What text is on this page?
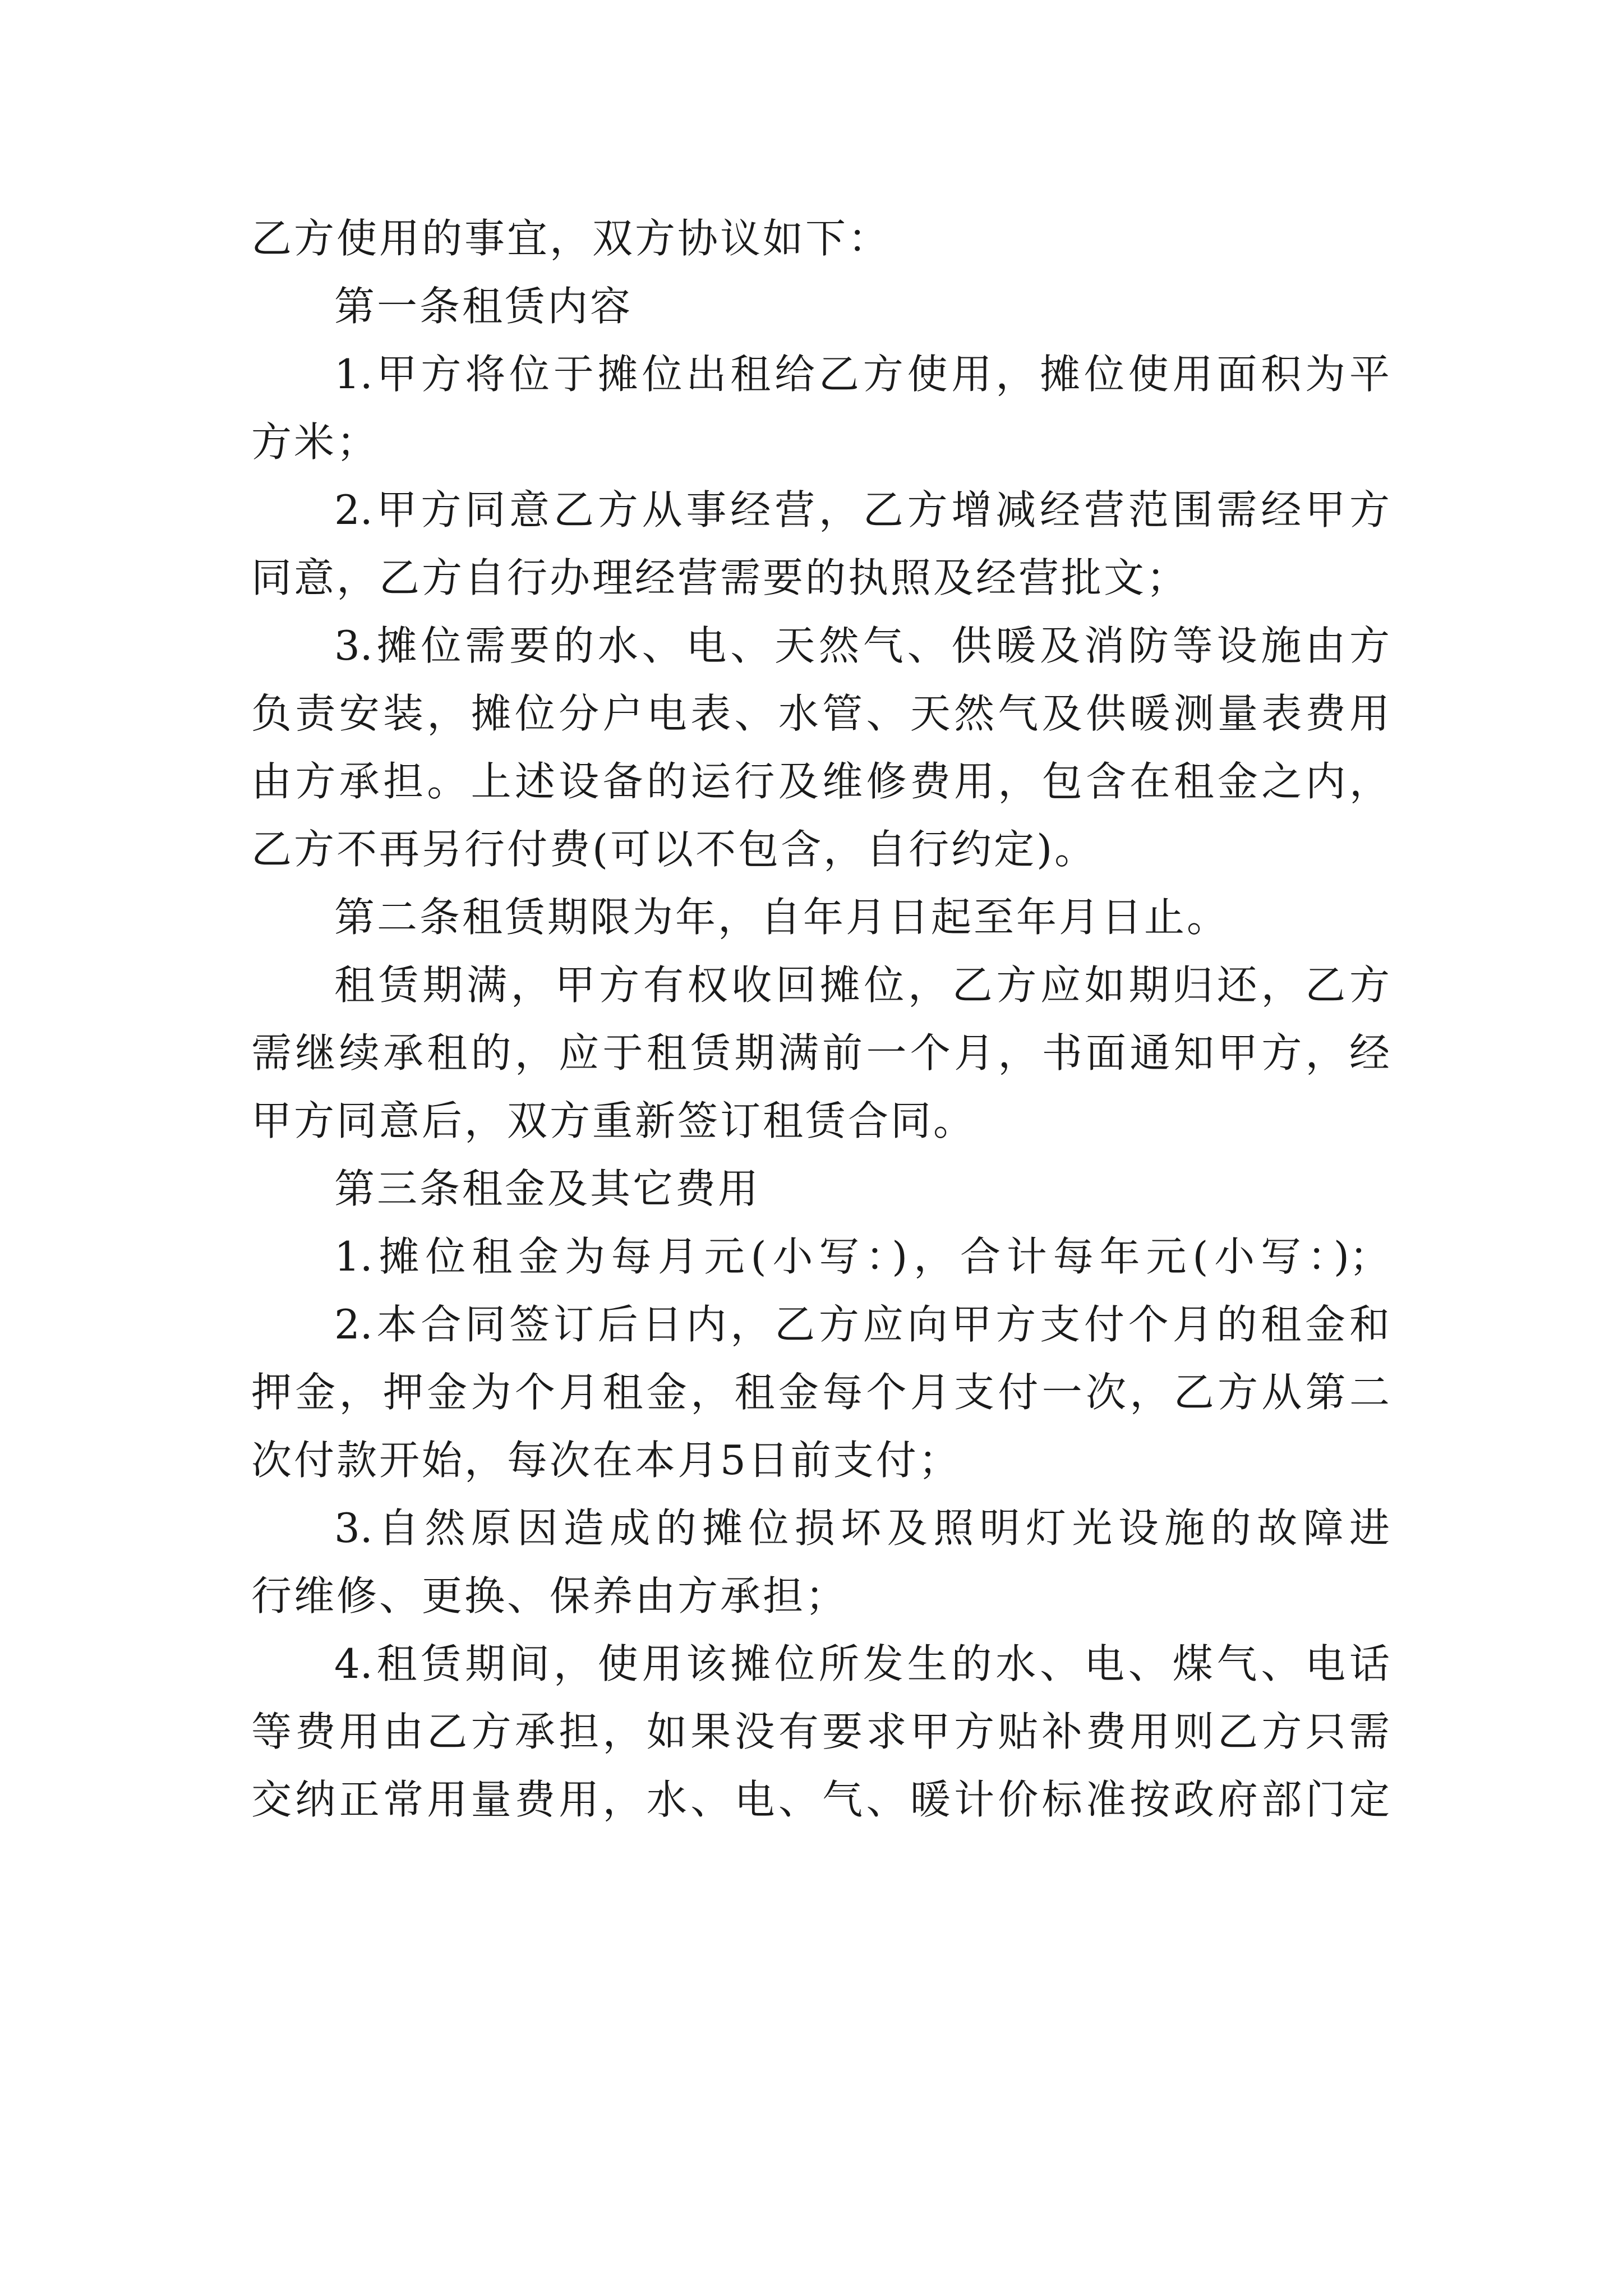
乙方使用的事宜，双方协议如下：
第一条租赁内容
1.甲方将位于摊位出租给乙方使用，摊位使用面积为平
方米；
2.甲方同意乙方从事经营，乙方增减经营范围需经甲方
同意，乙方自行办理经营需要的执照及经营批文；
3.摊位需要的水、电、天然气、供暖及消防等设施由方
负责安装，摊位分户电表、水管、天然气及供暖测量表费用
由方承担。上述设备的运行及维修费用，包含在租金之内，
乙方不再另行付费(可以不包含，自行约定)。
第二条租赁期限为年，自年月日起至年月日止。
租赁期满，甲方有权收回摊位，乙方应如期归还，乙方
需继续承租的，应于租赁期满前一个月，书面通知甲方，经
甲方同意后，双方重新签订租赁合同。
第三条租金及其它费用
1.摊位租金为每月元(小写：)，合计每年元(小写：)；
2.本合同签订后日内，乙方应向甲方支付个月的租金和
押金，押金为个月租金，租金每个月支付一次，乙方从第二
次付款开始，每次在本月5日前支付；
3.自然原因造成的摊位损坏及照明灯光设施的故障进
行维修、更换、保养由方承担；
4.租赁期间，使用该摊位所发生的水、电、煤气、电话
等费用由乙方承担，如果没有要求甲方贴补费用则乙方只需
交纳正常用量费用，水、电、气、暖计价标准按政府部门定
